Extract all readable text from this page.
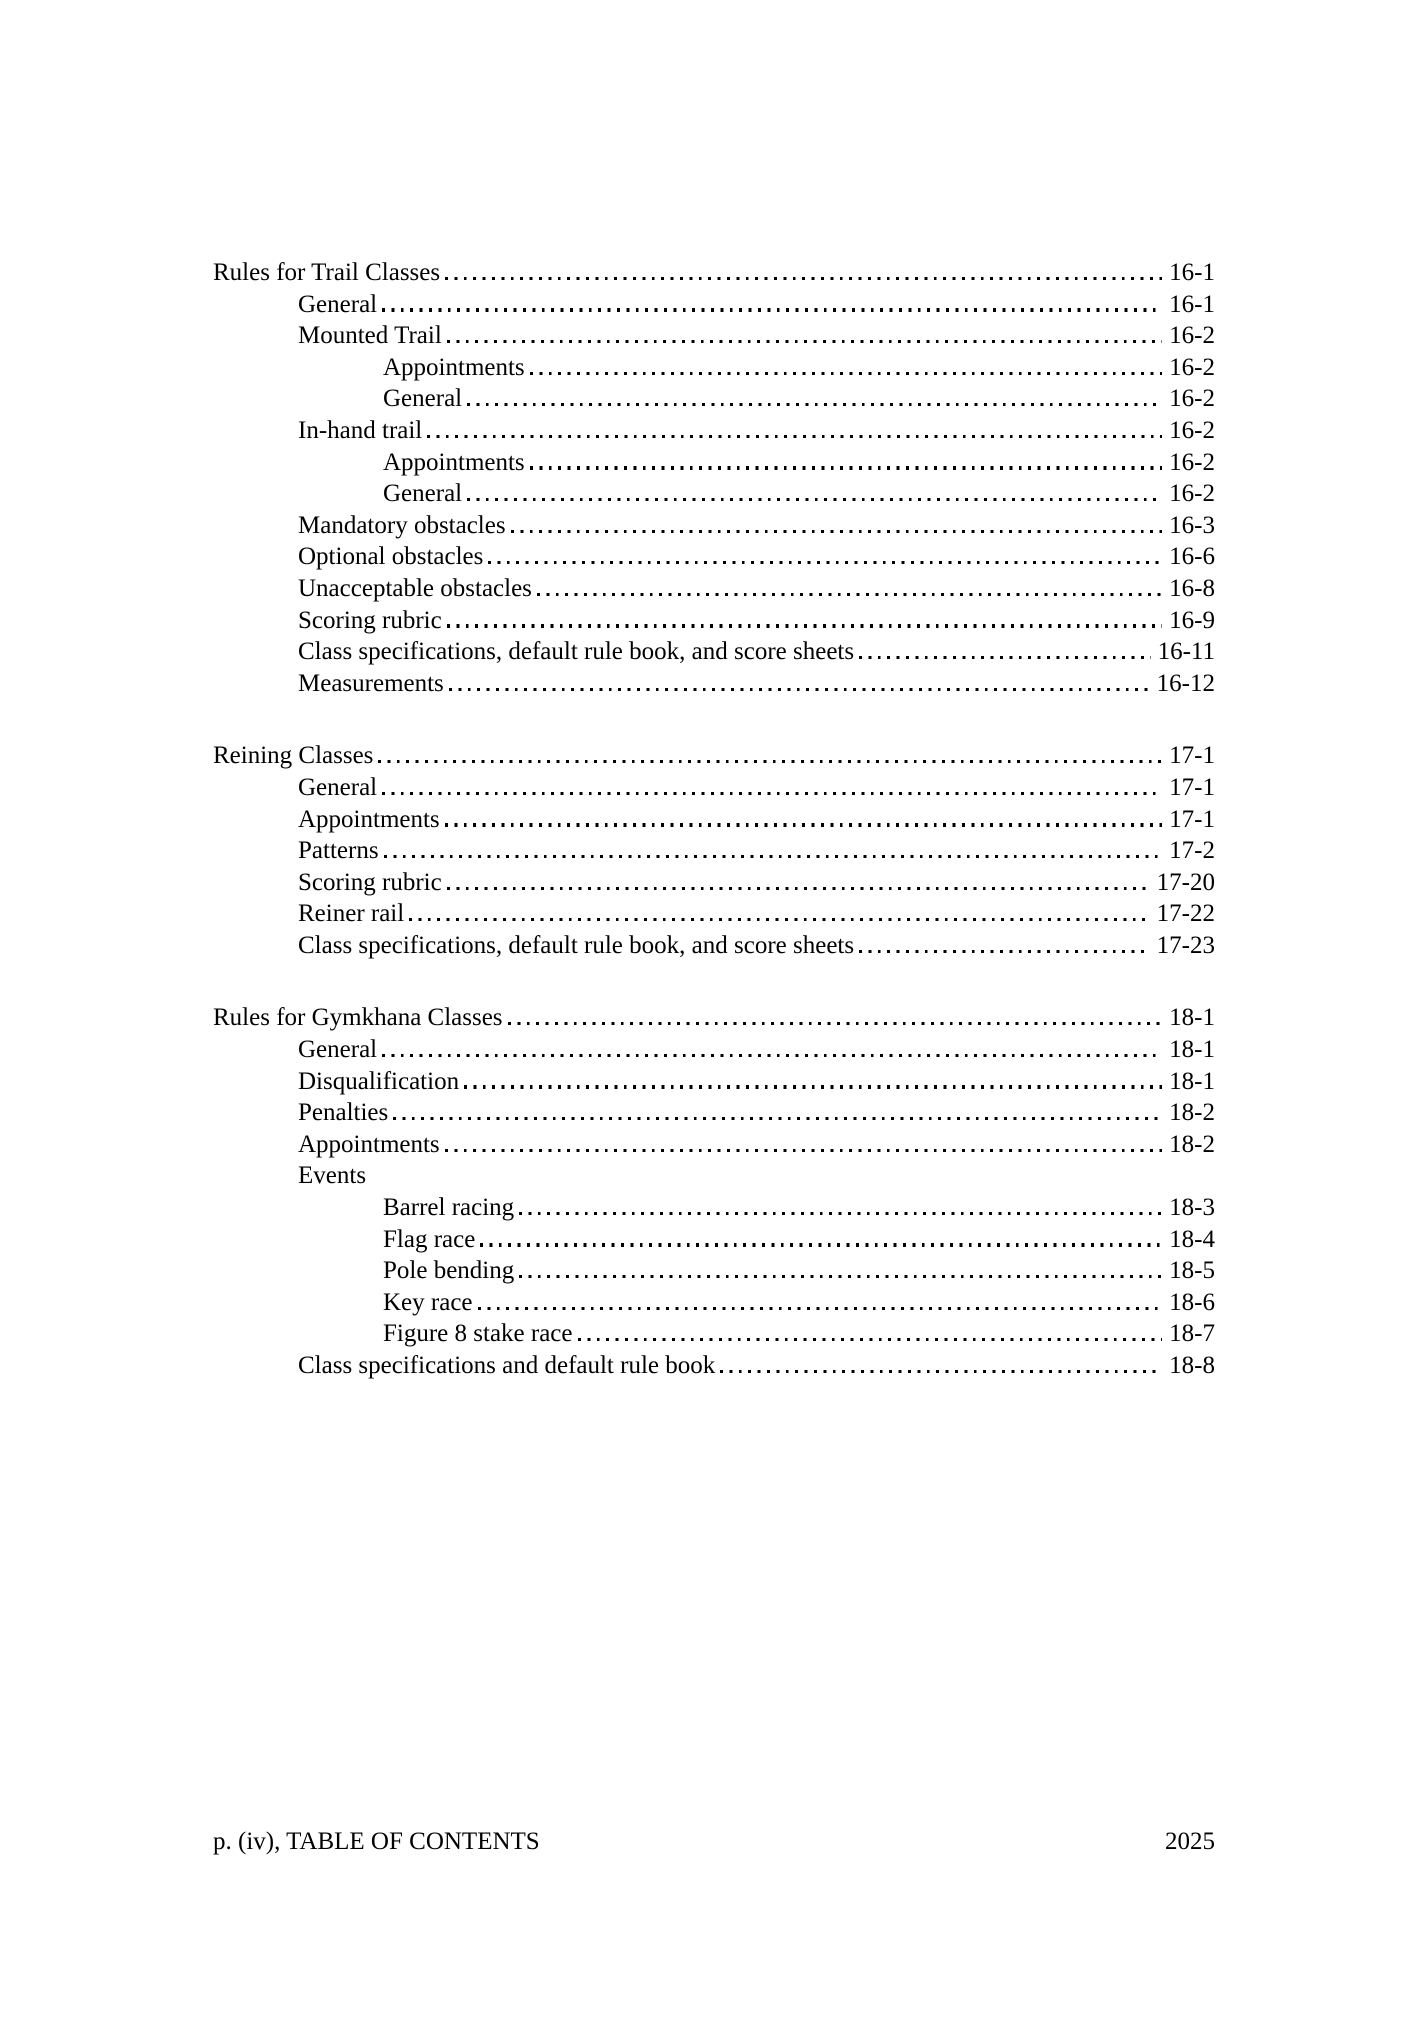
Rules for Trail Classes	16-1
General	16-1
Mounted Trail	16-2
Appointments	16-2
General	16-2
In-hand trail	16-2
Appointments	16-2
General	16-2
Mandatory obstacles	16-3
Optional obstacles	16-6
Unacceptable obstacles	16-8
Scoring rubric	16-9
Class specifications, default rule book, and score sheets	16-11
Measurements	16-12
Reining Classes	17-1
General	17-1
Appointments	17-1
Patterns	17-2
Scoring rubric	17-20
Reiner rail	17-22
Class specifications, default rule book, and score sheets	17-23
Rules for Gymkhana Classes	18-1
General	18-1
Disqualification	18-1
Penalties	18-2
Appointments	18-2
Events
Barrel racing	18-3
Flag race	18-4
Pole bending	18-5
Key race	18-6
Figure 8 stake race	18-7
Class specifications and default rule book	18-8
p. (iv), TABLE OF CONTENTS	2025
